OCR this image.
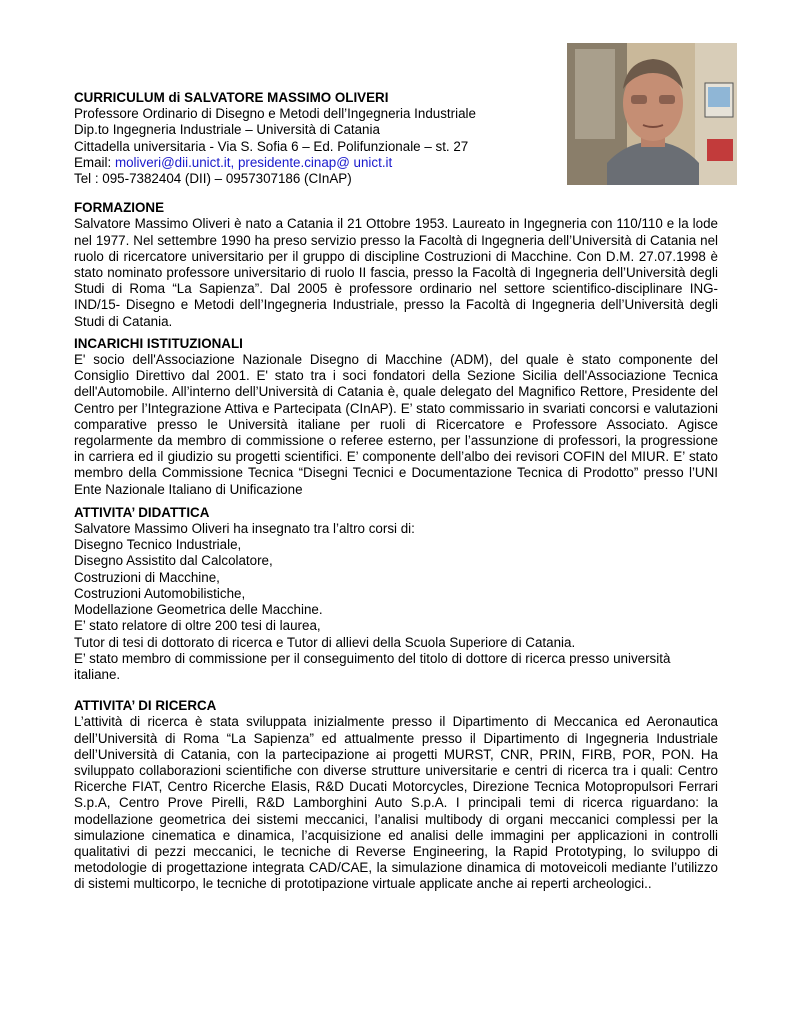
CURRICULUM di SALVATORE MASSIMO OLIVERI

Professore Ordinario di Disegno e Metodi dell’Ingegneria Industriale

Dip.to Ingegneria Industriale – Università di Catania

Cittadella universitaria - Via S. Sofia 6 – Ed. Polifunzionale – st. 27

Email: moliveri@dii.unict.it, presidente.cinap@ unict.it

Tel : 095-7382404 (DII) – 0957307186 (CInAP)

FORMAZIONE

Salvatore Massimo Oliveri è nato a Catania il 21 Ottobre 1953. Laureato in Ingegneria con 110/110 e la lode nel 1977. Nel settembre 1990 ha preso servizio presso la Facoltà di Ingegneria dell’Università di Catania nel ruolo di ricercatore universitario per il gruppo di discipline Costruzioni di Macchine. Con D.M. 27.07.1998 è stato nominato professore universitario di ruolo II fascia, presso la Facoltà di Ingegneria dell’Università degli Studi di Roma “La Sapienza”. Dal 2005 è professore ordinario nel settore scientifico-disciplinare ING-IND/15- Disegno e Metodi dell’Ingegneria Industriale, presso la Facoltà di Ingegneria dell’Università degli Studi di Catania.

INCARICHI ISTITUZIONALI

E' socio dell'Associazione Nazionale Disegno di Macchine (ADM), del quale è stato componente del Consiglio Direttivo dal 2001. E' stato tra i soci fondatori della Sezione Sicilia dell'Associazione Tecnica dell'Automobile. All’interno dell’Università di Catania è, quale delegato del Magnifico Rettore, Presidente del Centro per l’Integrazione Attiva e Partecipata (CInAP). E’ stato commissario in svariati concorsi e valutazioni comparative presso le Università italiane per ruoli di Ricercatore e Professore Associato. Agisce regolarmente da membro di commissione o referee esterno, per l’assunzione di professori, la progressione in carriera ed il giudizio su progetti scientifici. E’ componente dell’albo dei revisori COFIN del MIUR. E’ stato membro della Commissione Tecnica “Disegni Tecnici e Documentazione Tecnica di Prodotto” presso l’UNI Ente Nazionale Italiano di Unificazione

ATTIVITA’ DIDATTICA

Salvatore Massimo Oliveri ha insegnato tra l’altro corsi di:

Disegno Tecnico Industriale,

Disegno Assistito dal Calcolatore,

Costruzioni di Macchine,

Costruzioni Automobilistiche,

Modellazione Geometrica delle Macchine.

E’ stato relatore di oltre 200 tesi di laurea,

Tutor di tesi di dottorato di ricerca e Tutor di allievi della Scuola Superiore di Catania.

E’ stato membro di commissione per il conseguimento del titolo di dottore di ricerca presso università italiane.

ATTIVITA’ DI RICERCA

L’attività di ricerca è stata sviluppata inizialmente presso il Dipartimento di Meccanica ed Aeronautica dell’Università di Roma “La Sapienza” ed attualmente presso il Dipartimento di Ingegneria Industriale dell’Università di Catania, con la partecipazione ai progetti MURST, CNR, PRIN, FIRB, POR, PON. Ha sviluppato collaborazioni scientifiche con diverse strutture universitarie e centri di ricerca tra i quali: Centro Ricerche FIAT, Centro Ricerche Elasis, R&D Ducati Motorcycles, Direzione Tecnica Motopropulsori Ferrari S.p.A, Centro Prove Pirelli, R&D Lamborghini Auto S.p.A. I principali temi di ricerca riguardano: la modellazione geometrica dei sistemi meccanici, l’analisi multibody di organi meccanici complessi per la simulazione cinematica e dinamica, l’acquisizione ed analisi delle immagini per applicazioni in controlli qualitativi di pezzi meccanici, le tecniche di Reverse Engineering, la Rapid Prototyping, lo sviluppo di metodologie di progettazione integrata CAD/CAE, la simulazione dinamica di motoveicoli mediante l’utilizzo di sistemi multicorpo, le tecniche di prototipazione virtuale applicate anche ai reperti archeologici..
